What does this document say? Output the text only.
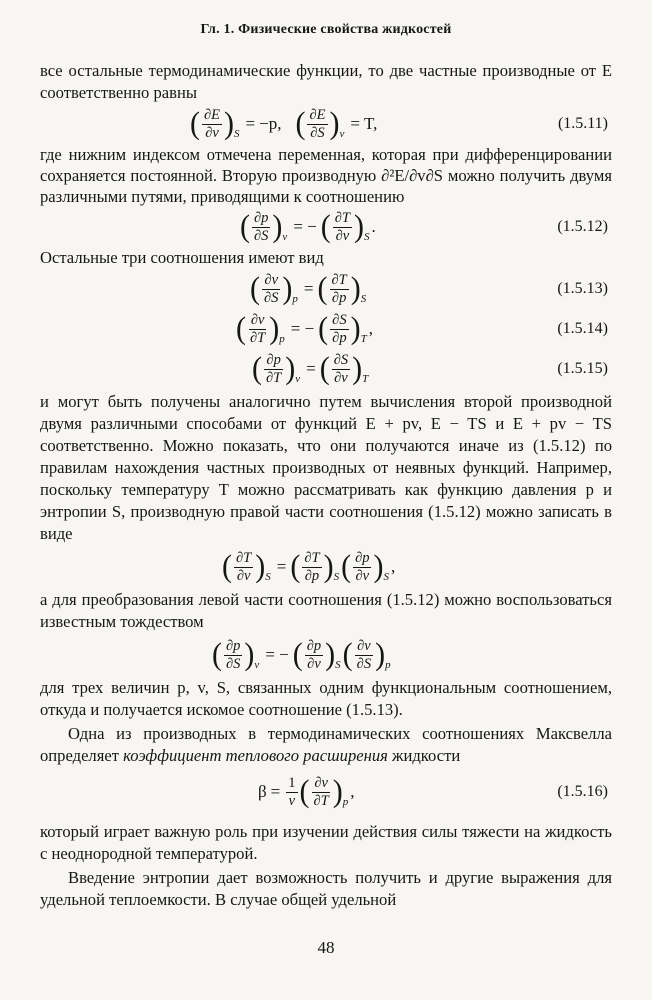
Гл. 1. Физические свойства жидкостей

все остальные термодинамические функции, то две частные производные от E соответственно равны

( $\frac{\partial E}{\partial v}$ ) S
= −p, ( $\frac{\partial E}{\partial S}$ ) v
= T,	(1.5.11)

где нижним индексом отмечена переменная, которая при дифференцировании сохраняется постоянной. Вторую производную ∂²E/∂v∂S можно получить двумя различными путями, приводящими к соотношению

( $\frac{\partial p}{\partial S}$ ) v
= − ( $\frac{\partial T}{\partial v}$ ) S
.	(1.5.12)

Остальные три соотношения имеют вид

( $\frac{\partial v}{\partial S}$ ) p
= ( $\frac{\partial T}{\partial p}$ ) S
(1.5.13)
( $\frac{\partial v}{\partial T}$ ) p
= − ( $\frac{\partial S}{\partial p}$ ) T
,	(1.5.14)
( $\frac{\partial p}{\partial T}$ ) v
= ( $\frac{\partial S}{\partial v}$ ) T
(1.5.15)

и могут быть получены аналогично путем вычисления второй производной двумя различными способами от функций E + pv, E − TS и E + pv − TS соответственно. Можно показать, что они получаются иначе из (1.5.12) по правилам нахождения частных производных от неявных функций. Например, поскольку температуру T можно рассматривать как функцию давления p и энтропии S, производную правой части соотношения (1.5.12) можно записать в виде

( $\frac{\partial T}{\partial v}$ ) S
= ( $\frac{\partial T}{\partial p}$ ) S ( $\frac{\partial p}{\partial v}$ ) S
,

а для преобразования левой части соотношения (1.5.12) можно воспользоваться известным тождеством

( $\frac{\partial p}{\partial S}$ ) v
= − ( $\frac{\partial p}{\partial v}$ ) S ( $\frac{\partial v}{\partial S}$ ) p

для трех величин p, v, S, связанных одним функциональным соотношением, откуда и получается искомое соотношение (1.5.13).

Одна из производных в термодинамических соотношениях Максвелла определяет коэффициент теплового расширения жидкости

$\beta = \frac{1}{v}$ ( $\frac{\partial v}{\partial T}$ ) p
,	(1.5.16)

который играет важную роль при изучении действия силы тяжести на жидкость с неоднородной температурой.

Введение энтропии дает возможность получить и другие выражения для удельной теплоемкости. В случае общей удельной

48
